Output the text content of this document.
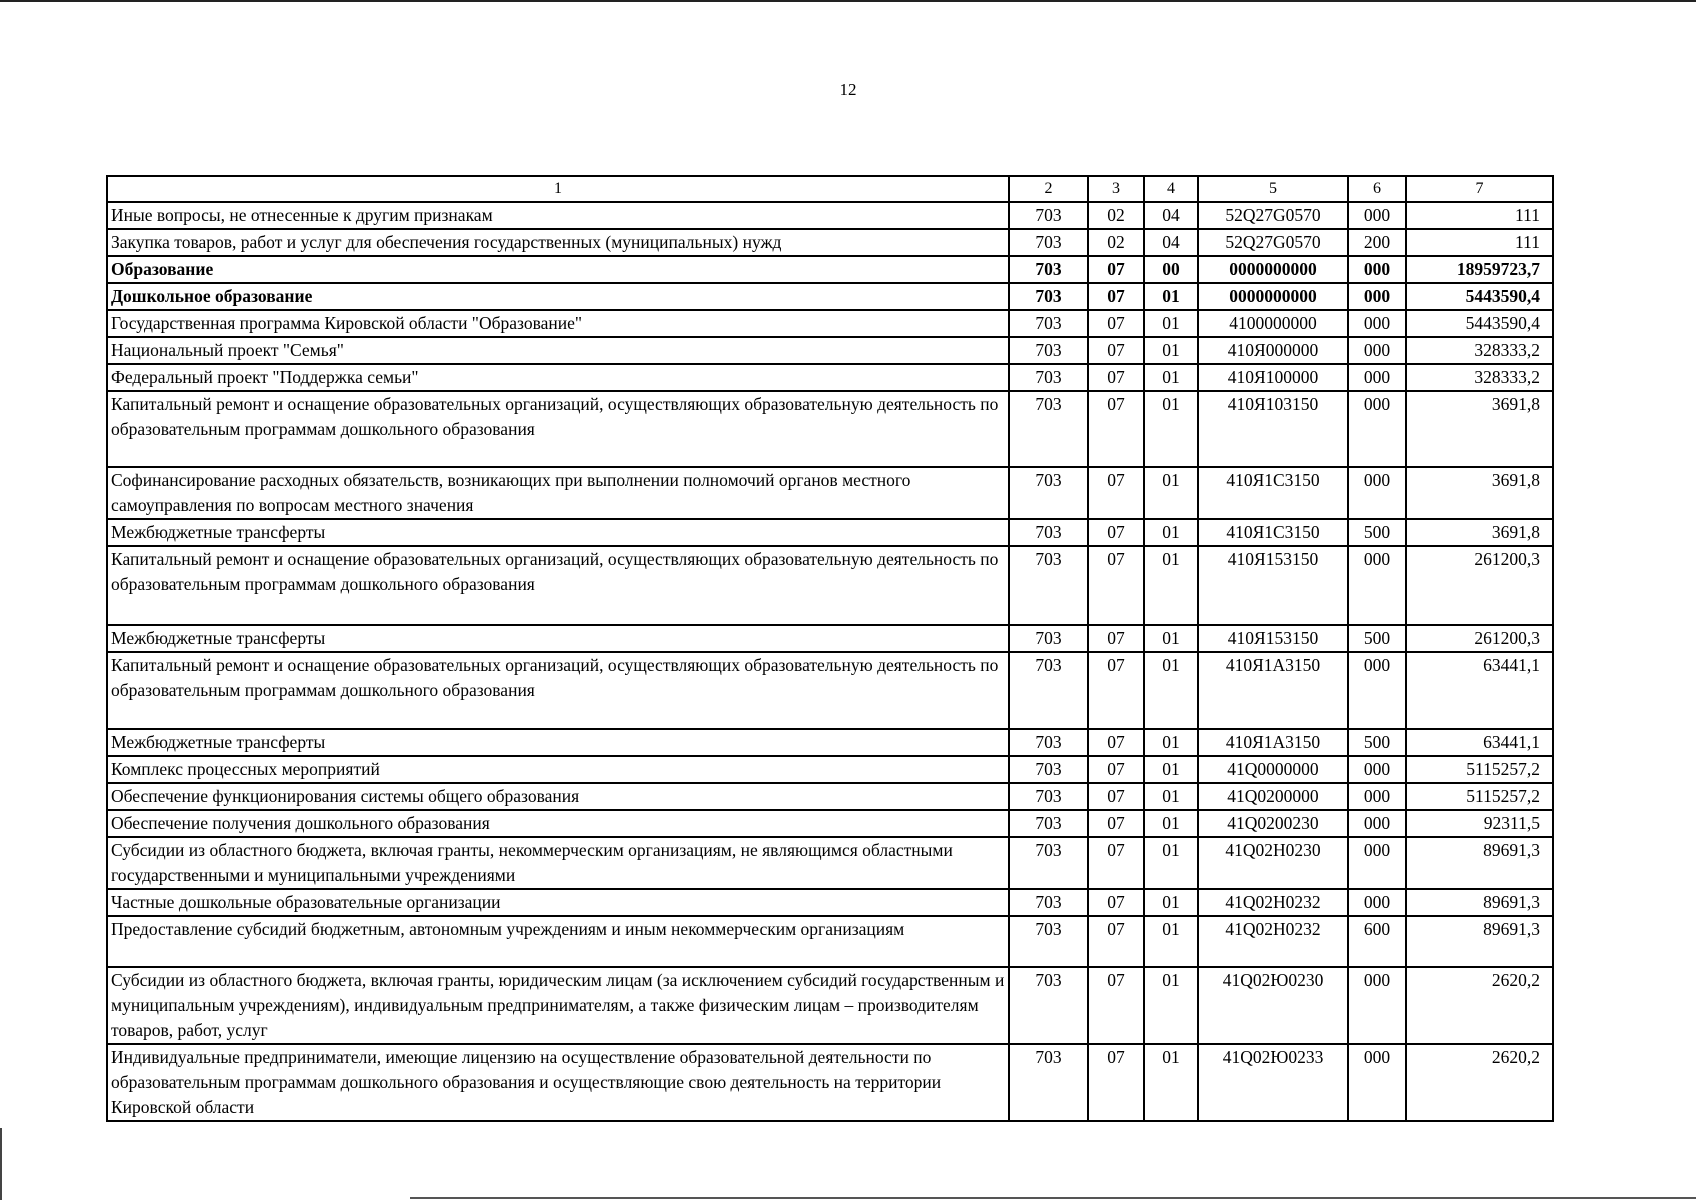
12
1	2	3	4	5	6	7
Иные вопросы, не отнесенные к другим признакам	703	02	04	52Q27G0570	000	111
Закупка товаров, работ и услуг для обеспечения государственных (муниципальных) нужд	703	02	04	52Q27G0570	200	111
Образование	703	07	00	0000000000	000	18959723,7
Дошкольное образование	703	07	01	0000000000	000	5443590,4
Государственная программа Кировской области "Образование"	703	07	01	4100000000	000	5443590,4
Национальный проект "Семья"	703	07	01	410Я000000	000	328333,2
Федеральный проект "Поддержка семьи"	703	07	01	410Я100000	000	328333,2
Капитальный ремонт и оснащение образовательных организаций, осуществляющих образовательную деятельность по образовательным программам дошкольного образования	703	07	01	410Я103150	000	3691,8
Софинансирование расходных обязательств, возникающих при выполнении полномочий органов местного самоуправления по вопросам местного значения	703	07	01	410Я1С3150	000	3691,8
Межбюджетные трансферты	703	07	01	410Я1С3150	500	3691,8
Капитальный ремонт и оснащение образовательных организаций, осуществляющих образовательную деятельность по образовательным программам дошкольного образования	703	07	01	410Я153150	000	261200,3
Межбюджетные трансферты	703	07	01	410Я153150	500	261200,3
Капитальный ремонт и оснащение образовательных организаций, осуществляющих образовательную деятельность по образовательным программам дошкольного образования	703	07	01	410Я1А3150	000	63441,1
Межбюджетные трансферты	703	07	01	410Я1А3150	500	63441,1
Комплекс процессных мероприятий	703	07	01	41Q0000000	000	5115257,2
Обеспечение функционирования системы общего образования	703	07	01	41Q0200000	000	5115257,2
Обеспечение получения дошкольного образования	703	07	01	41Q0200230	000	92311,5
Субсидии из областного бюджета, включая гранты, некоммерческим организациям, не являющимся областными государственными и муниципальными учреждениями	703	07	01	41Q02Н0230	000	89691,3
Частные дошкольные образовательные организации	703	07	01	41Q02Н0232	000	89691,3
Предоставление субсидий бюджетным, автономным учреждениям и иным некоммерческим организациям	703	07	01	41Q02Н0232	600	89691,3
Субсидии из областного бюджета, включая гранты, юридическим лицам (за исключением субсидий государственным и муниципальным учреждениям), индивидуальным предпринимателям, а также физическим лицам – производителям товаров, работ, услуг	703	07	01	41Q02Ю0230	000	2620,2
Индивидуальные предприниматели, имеющие лицензию на осуществление образовательной деятельности по образовательным программам дошкольного образования и осуществляющие свою деятельность на территории Кировской области	703	07	01	41Q02Ю0233	000	2620,2
